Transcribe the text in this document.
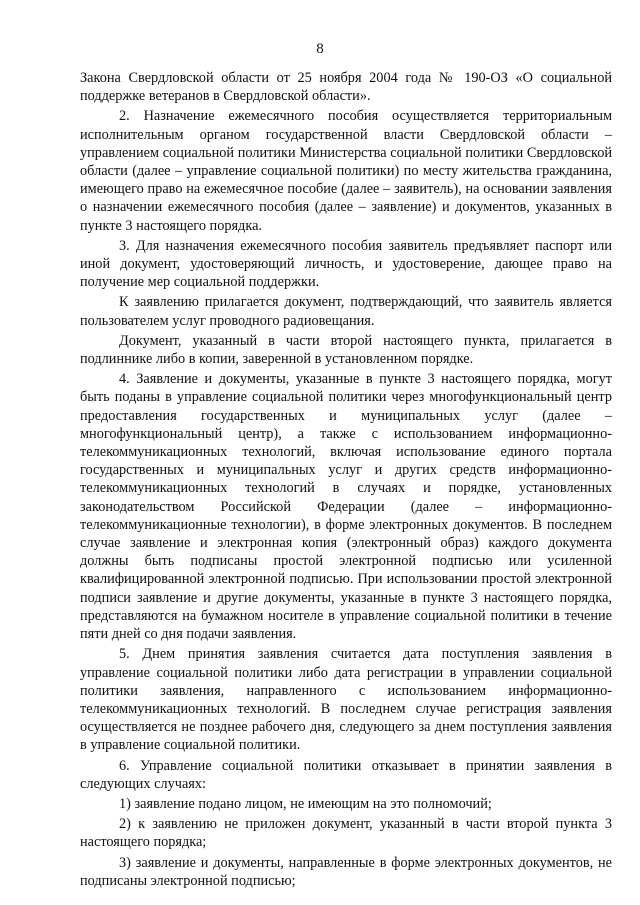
8

Закона Свердловской области от 25 ноября 2004 года № 190-ОЗ «О социальной поддержке ветеранов в Свердловской области».

2. Назначение ежемесячного пособия осуществляется территориальным исполнительным органом государственной власти Свердловской области – управлением социальной политики Министерства социальной политики Свердловской области (далее – управление социальной политики) по месту жительства гражданина, имеющего право на ежемесячное пособие (далее – заявитель), на основании заявления о назначении ежемесячного пособия (далее – заявление) и документов, указанных в пункте 3 настоящего порядка.

3. Для назначения ежемесячного пособия заявитель предъявляет паспорт или иной документ, удостоверяющий личность, и удостоверение, дающее право на получение мер социальной поддержки.

К заявлению прилагается документ, подтверждающий, что заявитель является пользователем услуг проводного радиовещания.

Документ, указанный в части второй настоящего пункта, прилагается в подлиннике либо в копии, заверенной в установленном порядке.

4. Заявление и документы, указанные в пункте 3 настоящего порядка, могут быть поданы в управление социальной политики через многофункциональный центр предоставления государственных и муниципальных услуг (далее – многофункциональный центр), а также с использованием информационно-телекоммуникационных технологий, включая использование единого портала государственных и муниципальных услуг и других средств информационно-телекоммуникационных технологий в случаях и порядке, установленных законодательством Российской Федерации (далее – информационно-телекоммуникационные технологии), в форме электронных документов. В последнем случае заявление и электронная копия (электронный образ) каждого документа должны быть подписаны простой электронной подписью или усиленной квалифицированной электронной подписью. При использовании простой электронной подписи заявление и другие документы, указанные в пункте 3 настоящего порядка, представляются на бумажном носителе в управление социальной политики в течение пяти дней со дня подачи заявления.

5. Днем принятия заявления считается дата поступления заявления в управление социальной политики либо дата регистрации в управлении социальной политики заявления, направленного с использованием информационно-телекоммуникационных технологий. В последнем случае регистрация заявления осуществляется не позднее рабочего дня, следующего за днем поступления заявления в управление социальной политики.

6. Управление социальной политики отказывает в принятии заявления в следующих случаях:

1) заявление подано лицом, не имеющим на это полномочий;

2) к заявлению не приложен документ, указанный в части второй пункта 3 настоящего порядка;

3) заявление и документы, направленные в форме электронных документов, не подписаны электронной подписью;
